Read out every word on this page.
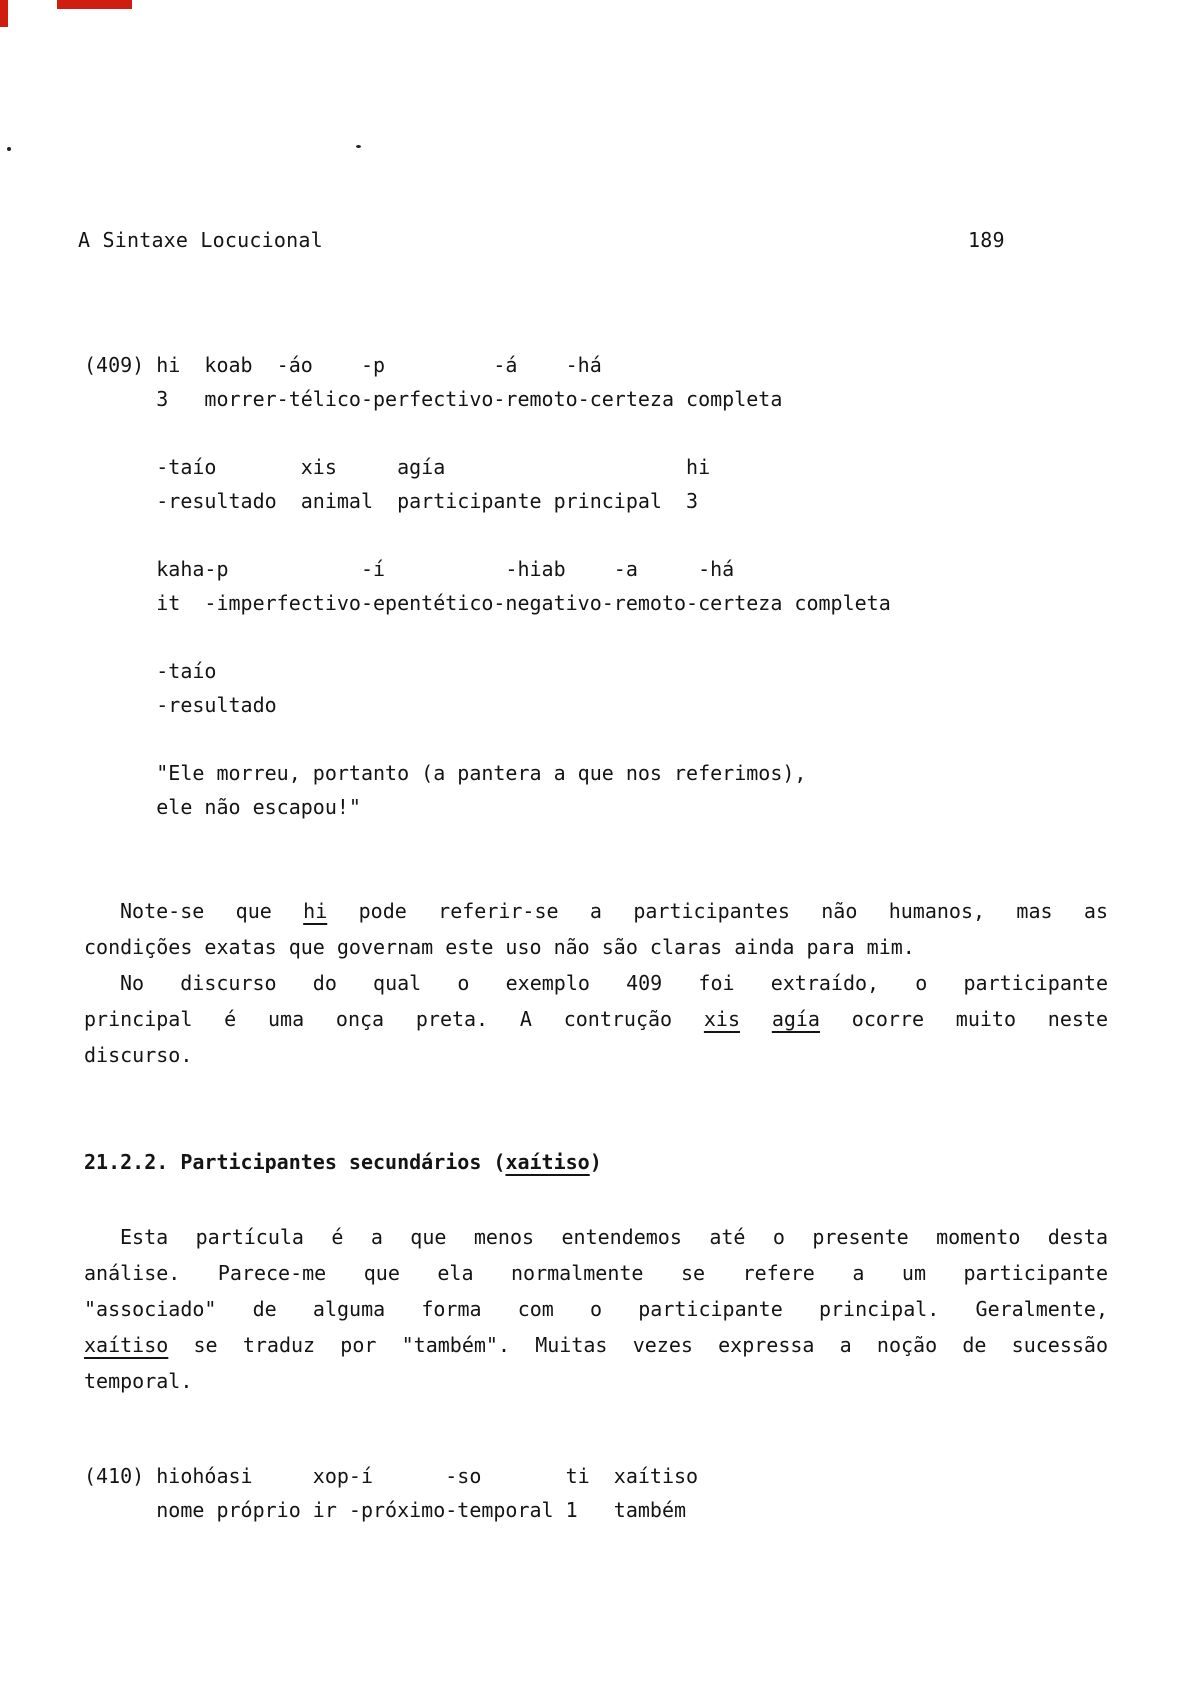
A Sintaxe Locucional	189
(409) hi  koab  -áo    -p         -á    -há
3   morrer-télico-perfectivo-remoto-certeza completa

-taío       xis     agía                    hi
-resultado  animal  participante principal  3

kaha-p           -í          -hiab    -a     -há
it  -imperfectivo-epentético-negativo-remoto-certeza completa

-taío
-resultado

"Ele morreu, portanto (a pantera a que nos referimos),
ele não escapou!"
Note-se que hi pode referir-se a participantes não humanos, mas as
condições exatas que governam este uso não são claras ainda para mim.
No discurso do qual o exemplo 409 foi extraído, o participante
principal é uma onça preta. A contrução xis agía ocorre muito neste
discurso.
21.2.2. Participantes secundários (xaítiso)
Esta partícula é a que menos entendemos até o presente momento desta
análise. Parece-me que ela normalmente se refere a um participante
"associado" de alguma forma com o participante principal. Geralmente,
xaítiso se traduz por "também". Muitas vezes expressa a noção de sucessão
temporal.
(410) hiohóasi     xop-í      -so       ti  xaítiso
nome próprio ir -próximo-temporal 1   também
